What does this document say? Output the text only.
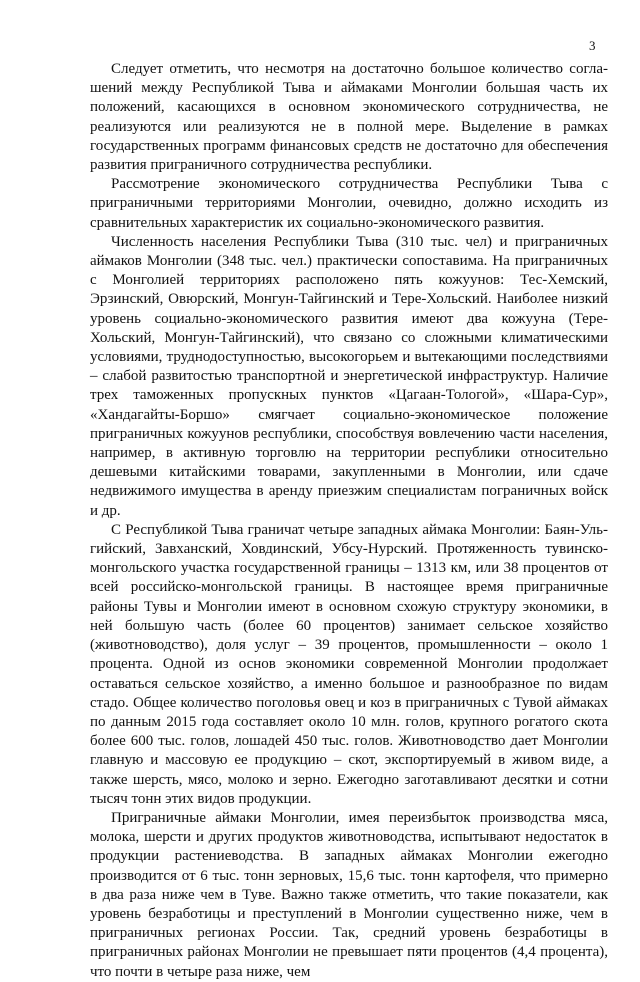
3

Следует отметить, что несмотря на достаточно большое количество соглашений между Республикой Тыва и аймаками Монголии большая часть их положений, касающихся в основном экономического сотрудничества, не реализуются или реализуются не в полной мере. Выделение в рамках государственных программ финансовых средств не достаточно для обеспечения развития приграничного сотрудничества республики.

Рассмотрение экономического сотрудничества Республики Тыва с приграничными территориями Монголии, очевидно, должно исходить из сравнительных характеристик их социально-экономического развития.

Численность населения Республики Тыва (310 тыс. чел) и приграничных аймаков Монголии (348 тыс. чел.) практически сопоставима. На приграничных с Монголией территориях расположено пять кожуунов: Тес-Хемский, Эрзинский, Овюрский, Монгун-Тайгинский и Тере-Хольский. Наиболее низкий уровень социально-экономического развития имеют два кожууна (Тере-Хольский, Монгун-Тайгинский), что связано со сложными климатическими условиями, труднодоступностью, высокогорьем и вытекающими последствиями – слабой развитостью транспортной и энергетической инфраструктур. Наличие трех таможенных пропускных пунктов «Цагаан-Тологой», «Шара-Сур», «Хандагайты-Боршо» смягчает социально-экономическое положение приграничных кожуунов республики, способствуя вовлечению части населения, например, в активную торговлю на территории республики относительно дешевыми китайскими товарами, закупленными в Монголии, или сдаче недвижимого имущества в аренду приезжим специалистам пограничных войск и др.

С Республикой Тыва граничат четыре западных аймака Монголии: Баян-Ульгийский, Завханский, Ховдинский, Убсу-Нурский. Протяженность тувинско-монгольского участка государственной границы – 1313 км, или 38 процентов от всей российско-монгольской границы. В настоящее время приграничные районы Тувы и Монголии имеют в основном схожую структуру экономики, в ней большую часть (более 60 процентов) занимает сельское хозяйство (животноводство), доля услуг – 39 процентов, промышленности – около 1 процента. Одной из основ экономики современной Монголии продолжает оставаться сельское хозяйство, а именно большое и разнообразное по видам стадо. Общее количество поголовья овец и коз в приграничных с Тувой аймаках по данным 2015 года составляет около 10 млн. голов, крупного рогатого скота более 600 тыс. голов, лошадей 450 тыс. голов. Животноводство дает Монголии главную и массовую ее продукцию – скот, экспортируемый в живом виде, а также шерсть, мясо, молоко и зерно. Ежегодно заготавливают десятки и сотни тысяч тонн этих видов продукции.

Приграничные аймаки Монголии, имея переизбыток производства мяса, молока, шерсти и других продуктов животноводства, испытывают недостаток в продукции растениеводства. В западных аймаках Монголии ежегодно производится от 6 тыс. тонн зерновых, 15,6 тыс. тонн картофеля, что примерно в два раза ниже чем в Туве. Важно также отметить, что такие показатели, как уровень безработицы и преступлений в Монголии существенно ниже, чем в приграничных регионах России. Так, средний уровень безработицы в приграничных районах Монголии не превышает пяти процентов (4,4 процента), что почти в четыре раза ниже, чем
